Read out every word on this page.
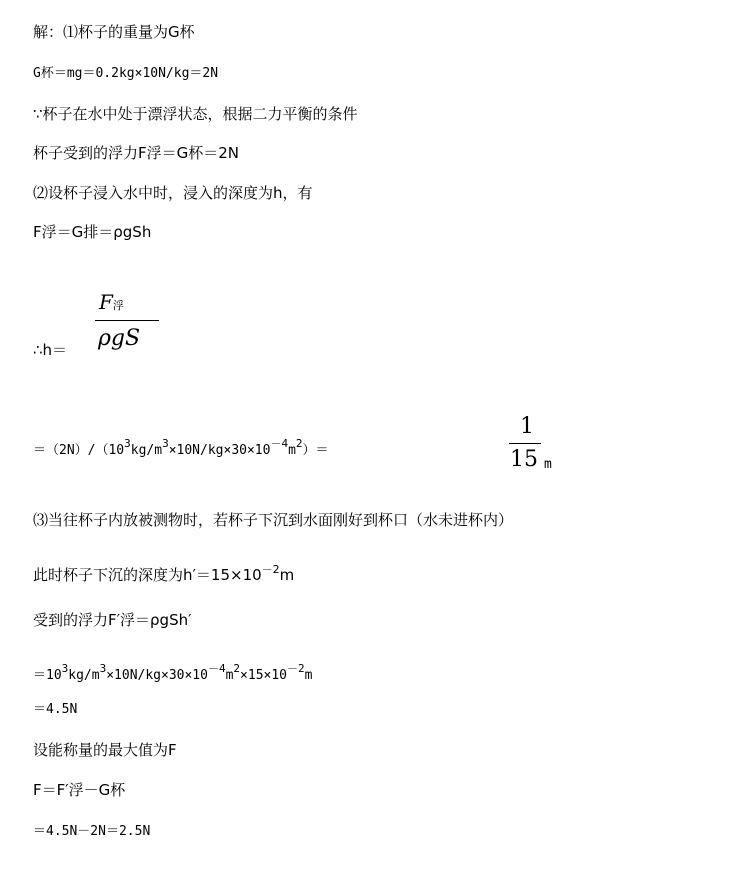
解：⑴杯子的重量为G杯
G杯＝mg＝0.2kg×10N/kg＝2N
∵杯子在水中处于漂浮状态，根据二力平衡的条件
杯子受到的浮力F浮＝G杯＝2N
⑵设杯子浸入水中时，浸入的深度为h，有
F浮＝G排＝ρgSh
∴h＝
F浮
ρgS
$=(2N)/(10^3kg/m^3\times 10N/kg\times 30\times 10^{-4}m^2)=$
1
15 m
⑶当往杯子内放被测物时，若杯子下沉到水面刚好到杯口（水未进杯内）
此时杯子下沉的深度为$h'=15\times 10^{-2}m$
受到的浮力F′浮＝ρgSh′
$=10^3kg/m^3\times 10N/kg\times 30\times 10^{-4}m^2\times 15\times 10^{-2}m$
＝4.5N
设能称量的最大值为F
F＝F′浮－G杯
＝4.5N－2N＝2.5N
